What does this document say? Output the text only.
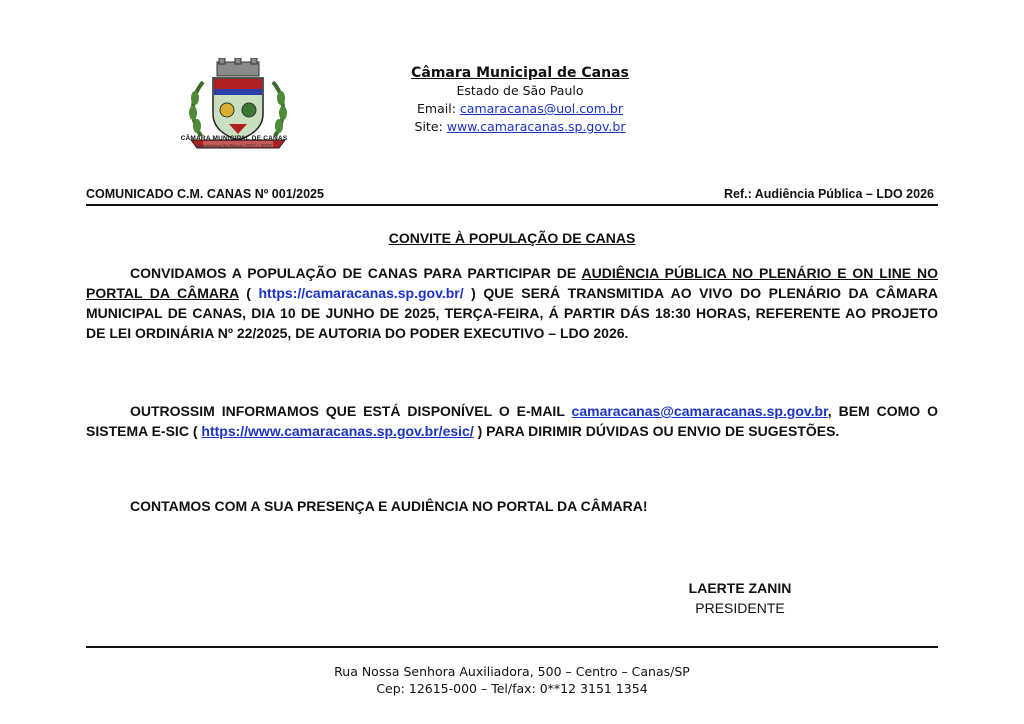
CÂMARA MUNICIPAL DE CANAS
Administração Biênio 2021 / 2022
Câmara Municipal de Canas
Estado de São Paulo
Email: camaracanas@uol.com.br
Site: www.camaracanas.sp.gov.br
COMUNICADO C.M. CANAS Nº 001/2025	Ref.: Audiência Pública – LDO 2026
CONVITE À POPULAÇÃO DE CANAS
CONVIDAMOS A POPULAÇÃO DE CANAS PARA PARTICIPAR DE AUDIÊNCIA PÚBLICA NO PLENÁRIO E ON LINE NO PORTAL DA CÂMARA ( https://camaracanas.sp.gov.br/ ) QUE SERÁ TRANSMITIDA AO VIVO DO PLENÁRIO DA CÂMARA MUNICIPAL DE CANAS, DIA 10 DE JUNHO DE 2025, TERÇA-FEIRA, Á PARTIR DÁS 18:30 HORAS, REFERENTE AO PROJETO DE LEI ORDINÁRIA Nº 22/2025, DE AUTORIA DO PODER EXECUTIVO – LDO 2026.
OUTROSSIM INFORMAMOS QUE ESTÁ DISPONÍVEL O E-MAIL camaracanas@camaracanas.sp.gov.br, BEM COMO O SISTEMA E-SIC ( https://www.camaracanas.sp.gov.br/esic/ ) PARA DIRIMIR DÚVIDAS OU ENVIO DE SUGESTÕES.
CONTAMOS COM A SUA PRESENÇA E AUDIÊNCIA NO PORTAL DA CÂMARA!
LAERTE ZANIN
PRESIDENTE
Rua Nossa Senhora Auxiliadora, 500 – Centro – Canas/SP
Cep: 12615-000 – Tel/fax: 0**12 3151 1354
